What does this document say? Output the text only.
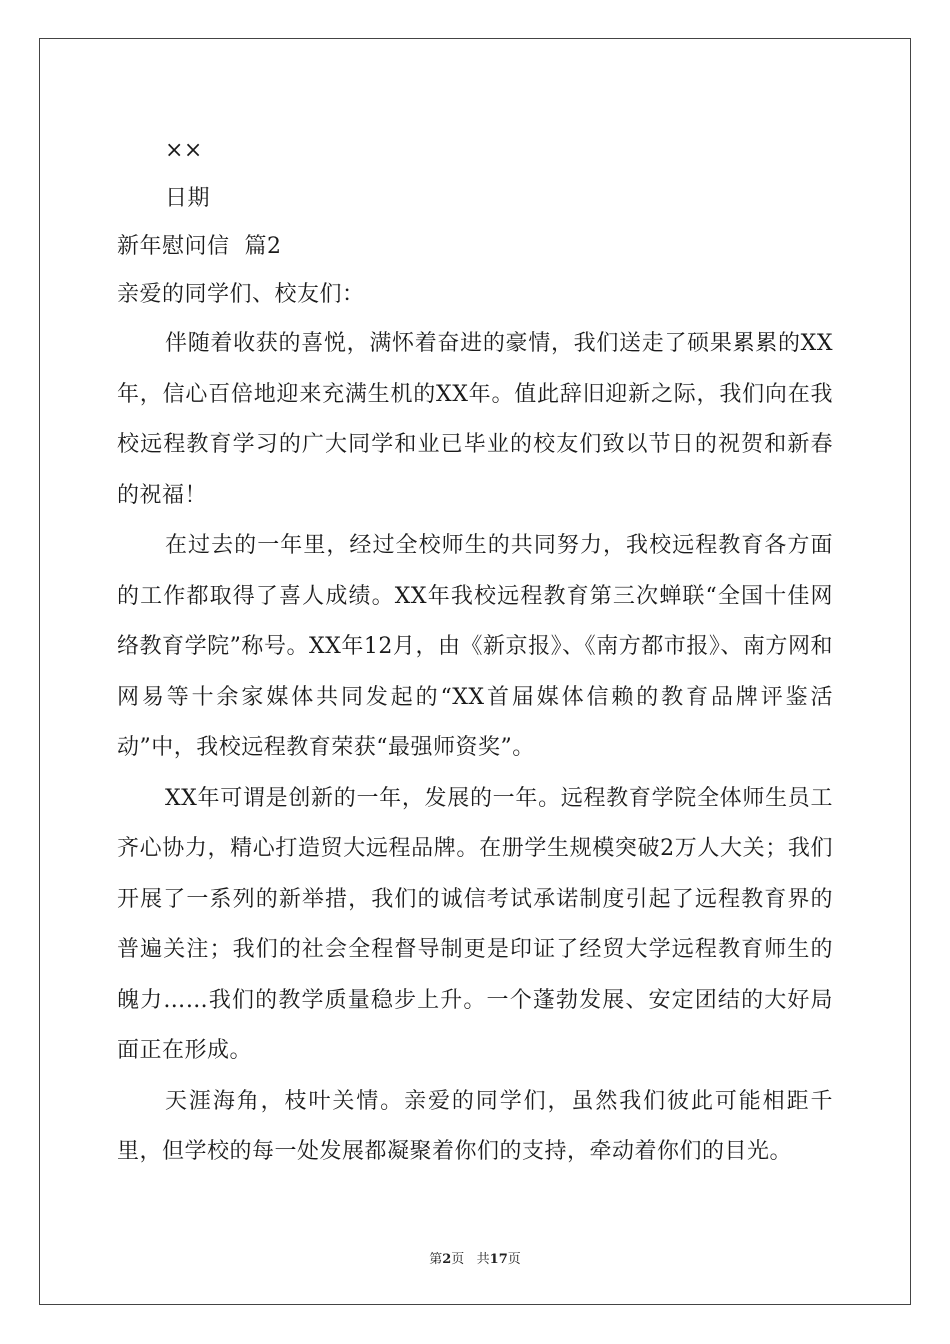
××
日期
新年慰问信  篇2
亲爱的同学们、校友们：

伴随着收获的喜悦，满怀着奋进的豪情，我们送走了硕果累累的XX年，信心百倍地迎来充满生机的XX年。值此辞旧迎新之际，我们向在我校远程教育学习的广大同学和业已毕业的校友们致以节日的祝贺和新春的祝福！

在过去的一年里，经过全校师生的共同努力，我校远程教育各方面的工作都取得了喜人成绩。XX年我校远程教育第三次蝉联“全国十佳网络教育学院”称号。XX年12月，由《新京报》、《南方都市报》、南方网和网易等十余家媒体共同发起的“XX首届媒体信赖的教育品牌评鉴活动”中，我校远程教育荣获“最强师资奖”。

XX年可谓是创新的一年，发展的一年。远程教育学院全体师生员工齐心协力，精心打造贸大远程品牌。在册学生规模突破2万人大关；我们开展了一系列的新举措，我们的诚信考试承诺制度引起了远程教育界的普遍关注；我们的社会全程督导制更是印证了经贸大学远程教育师生的魄力……我们的教学质量稳步上升。一个蓬勃发展、安定团结的大好局面正在形成。

天涯海角，枝叶关情。亲爱的同学们，虽然我们彼此可能相距千里，但学校的每一处发展都凝聚着你们的支持，牵动着你们的目光。

第2页   共17页
